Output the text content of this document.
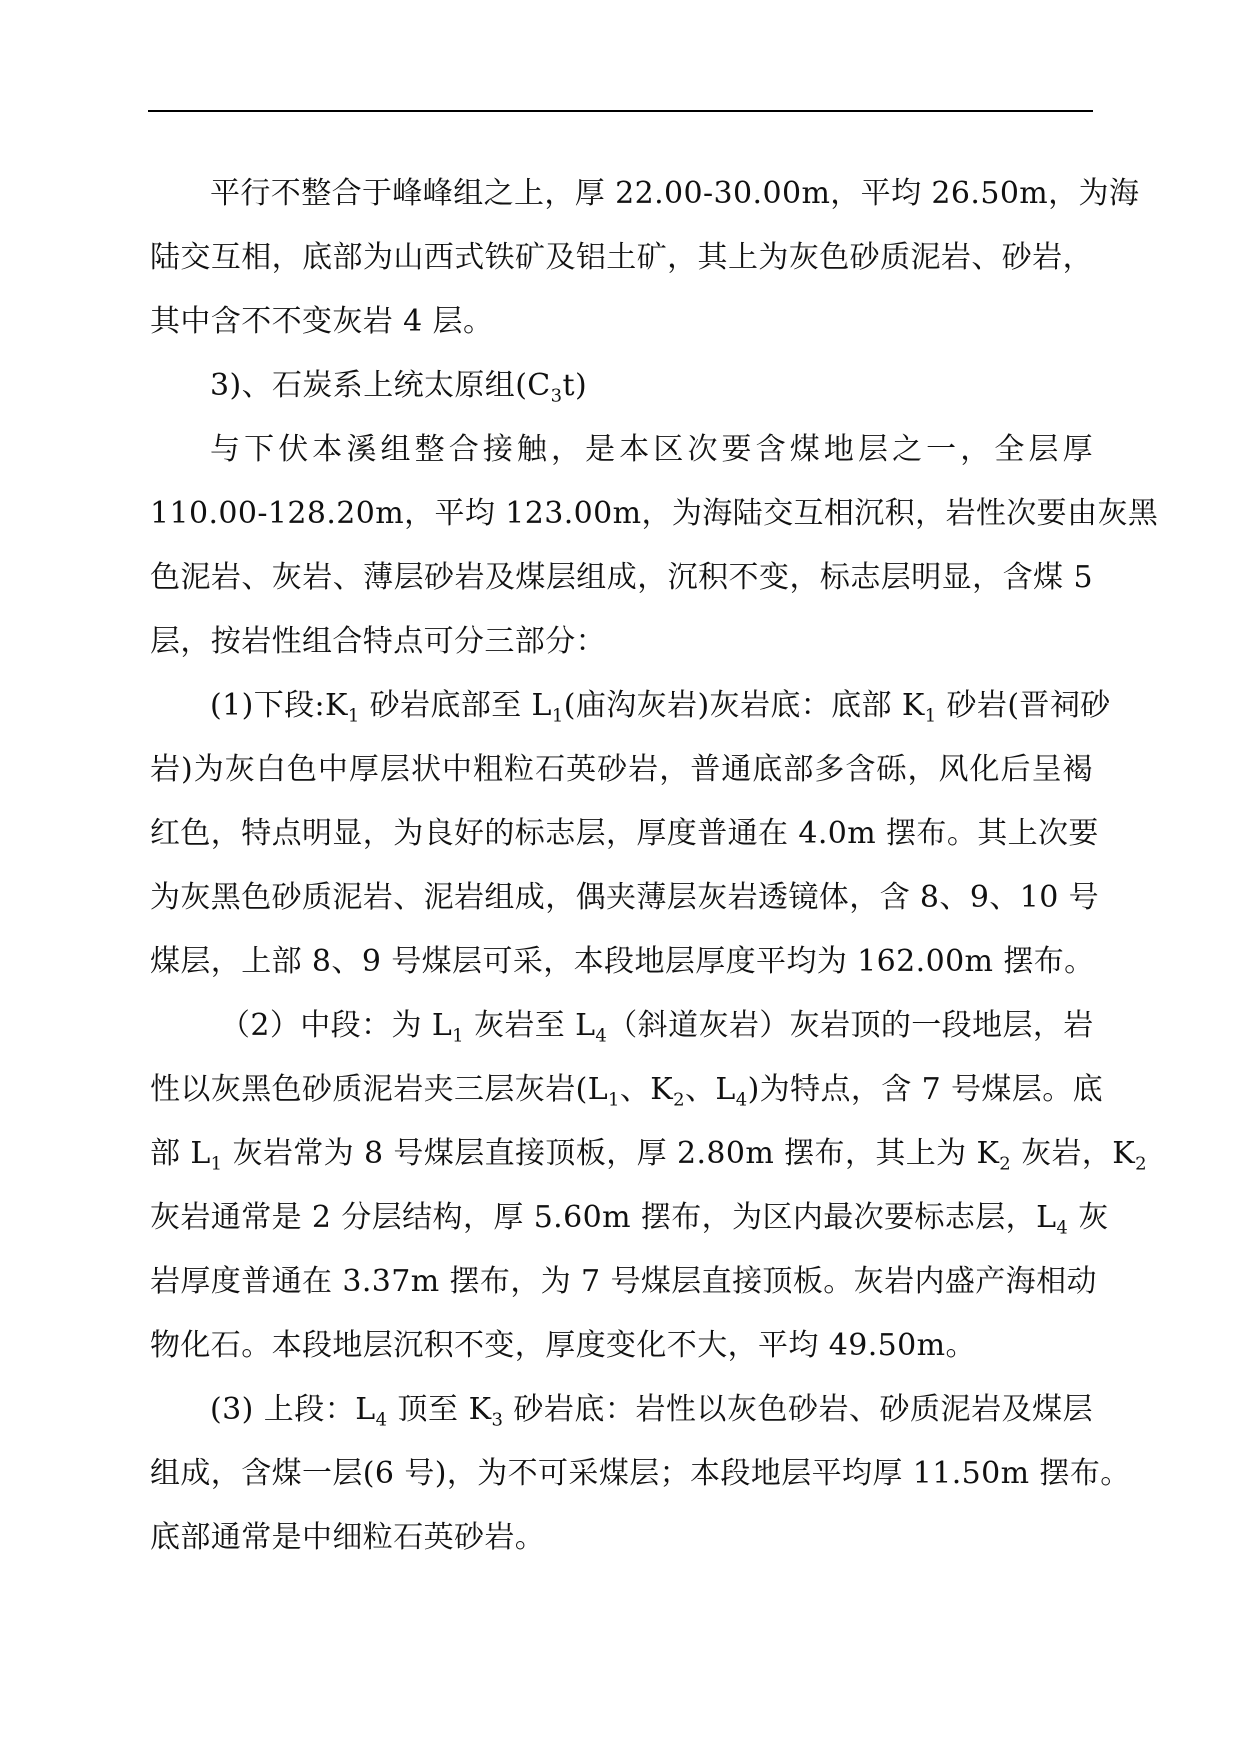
平行不整合于峰峰组之上，厚 22.00-30.00m，平均 26.50m，为海
陆交互相，底部为山西式铁矿及铝土矿，其上为灰色砂质泥岩、砂岩，
其中含不不变灰岩 4 层。
3)、石炭系上统太原组$(C_3t)$
与下伏本溪组整合接触，是本区次要含煤地层之一，全层厚
110.00-128.20m，平均 123.00m，为海陆交互相沉积，岩性次要由灰黑
色泥岩、灰岩、薄层砂岩及煤层组成，沉积不变，标志层明显，含煤 5
层，按岩性组合特点可分三部分：
(1)下段$:K_1$ 砂岩底部至 $L_1$(庙沟灰岩)灰岩底：底部 $K_1$ 砂岩(晋祠砂
岩)为灰白色中厚层状中粗粒石英砂岩，普通底部多含砾，风化后呈褐
红色，特点明显，为良好的标志层，厚度普通在 4.0m 摆布。其上次要
为灰黑色砂质泥岩、泥岩组成，偶夹薄层灰岩透镜体，含 8、9、10 号
煤层，上部 8、9 号煤层可采，本段地层厚度平均为 162.00m 摆布。
（2）中段：为 $L_1$ 灰岩至 $L_4$（斜道灰岩）灰岩顶的一段地层，岩
性以灰黑色砂质泥岩夹三层灰岩($L_1$、$K_2$、$L_4$)为特点，含 7 号煤层。底
部 $L_1$ 灰岩常为 8 号煤层直接顶板，厚 2.80m 摆布，其上为 $K_2$ 灰岩，$K_2$
灰岩通常是 2 分层结构，厚 5.60m 摆布，为区内最次要标志层，$L_4$ 灰
岩厚度普通在 3.37m 摆布，为 7 号煤层直接顶板。灰岩内盛产海相动
物化石。本段地层沉积不变，厚度变化不大，平均 49.50m。
(3) 上段：$L_4$ 顶至 $K_3$ 砂岩底：岩性以灰色砂岩、砂质泥岩及煤层
组成，含煤一层(6 号)，为不可采煤层；本段地层平均厚 11.50m 摆布。
底部通常是中细粒石英砂岩。
